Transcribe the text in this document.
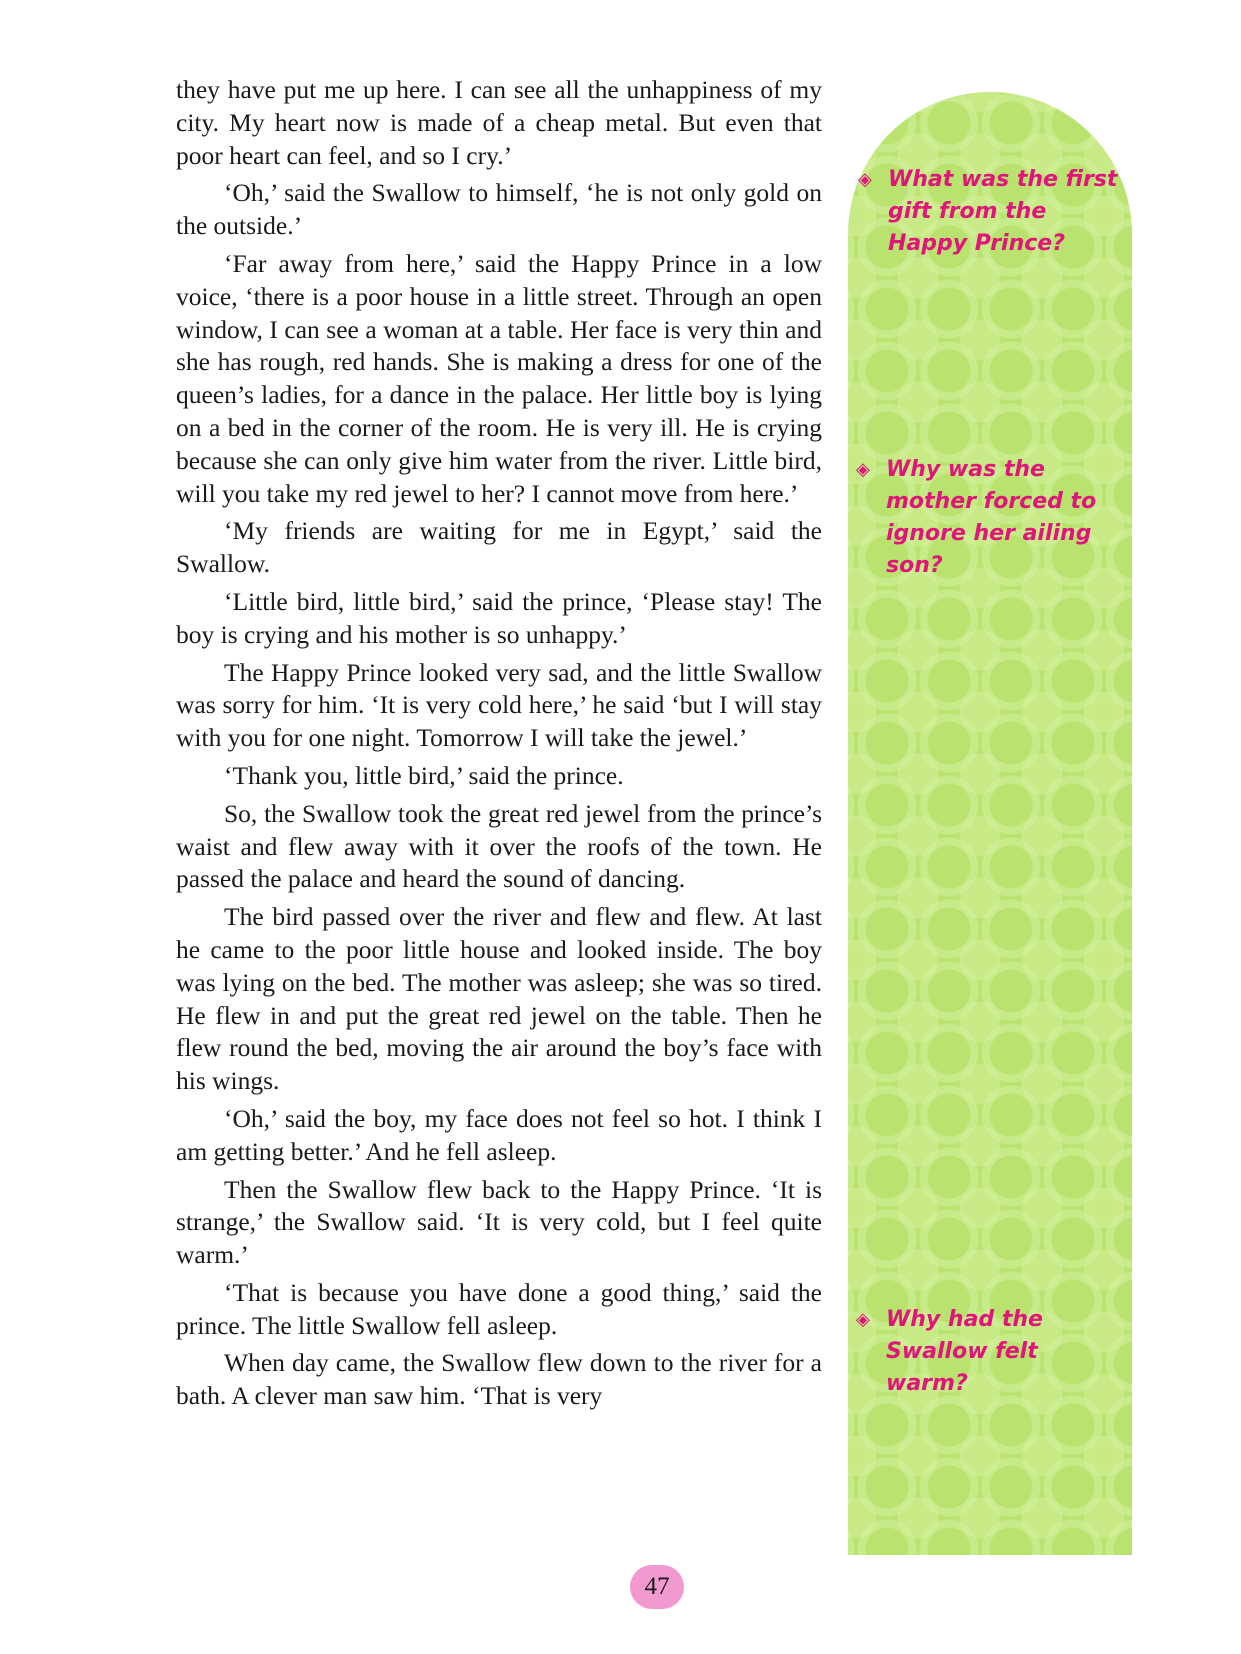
they have put me up here. I can see all the unhappiness of my city. My heart now is made of a cheap metal. But even that poor heart can feel, and so I cry.’

‘Oh,’ said the Swallow to himself, ‘he is not only gold on the outside.’

‘Far away from here,’ said the Happy Prince in a low voice, ‘there is a poor house in a little street. Through an open window, I can see a woman at a table. Her face is very thin and she has rough, red hands. She is making a dress for one of the queen’s ladies, for a dance in the palace. Her little boy is lying on a bed in the corner of the room. He is very ill. He is crying because she can only give him water from the river. Little bird, will you take my red jewel to her? I cannot move from here.’

‘My friends are waiting for me in Egypt,’ said the Swallow.

‘Little bird, little bird,’ said the prince, ‘Please stay! The boy is crying and his mother is so unhappy.’

The Happy Prince looked very sad, and the little Swallow was sorry for him. ‘It is very cold here,’ he said ‘but I will stay with you for one night. Tomorrow I will take the jewel.’

‘Thank you, little bird,’ said the prince.

So, the Swallow took the great red jewel from the prince’s waist and flew away with it over the roofs of the town. He passed the palace and heard the sound of dancing.

The bird passed over the river and flew and flew. At last he came to the poor little house and looked inside. The boy was lying on the bed. The mother was asleep; she was so tired. He flew in and put the great red jewel on the table. Then he flew round the bed, moving the air around the boy’s face with his wings.

‘Oh,’ said the boy, my face does not feel so hot. I think I am getting better.’ And he fell asleep.

Then the Swallow flew back to the Happy Prince. ‘It is strange,’ the Swallow said. ‘It is very cold, but I feel quite warm.’

‘That is because you have done a good thing,’ said the prince. The little Swallow fell asleep.

When day came, the Swallow flew down to the river for a bath. A clever man saw him. ‘That is very

◈ What was the first gift from the Happy Prince?
◈ Why was the mother forced to ignore her ailing son?
◈ Why had the Swallow felt warm?
47
